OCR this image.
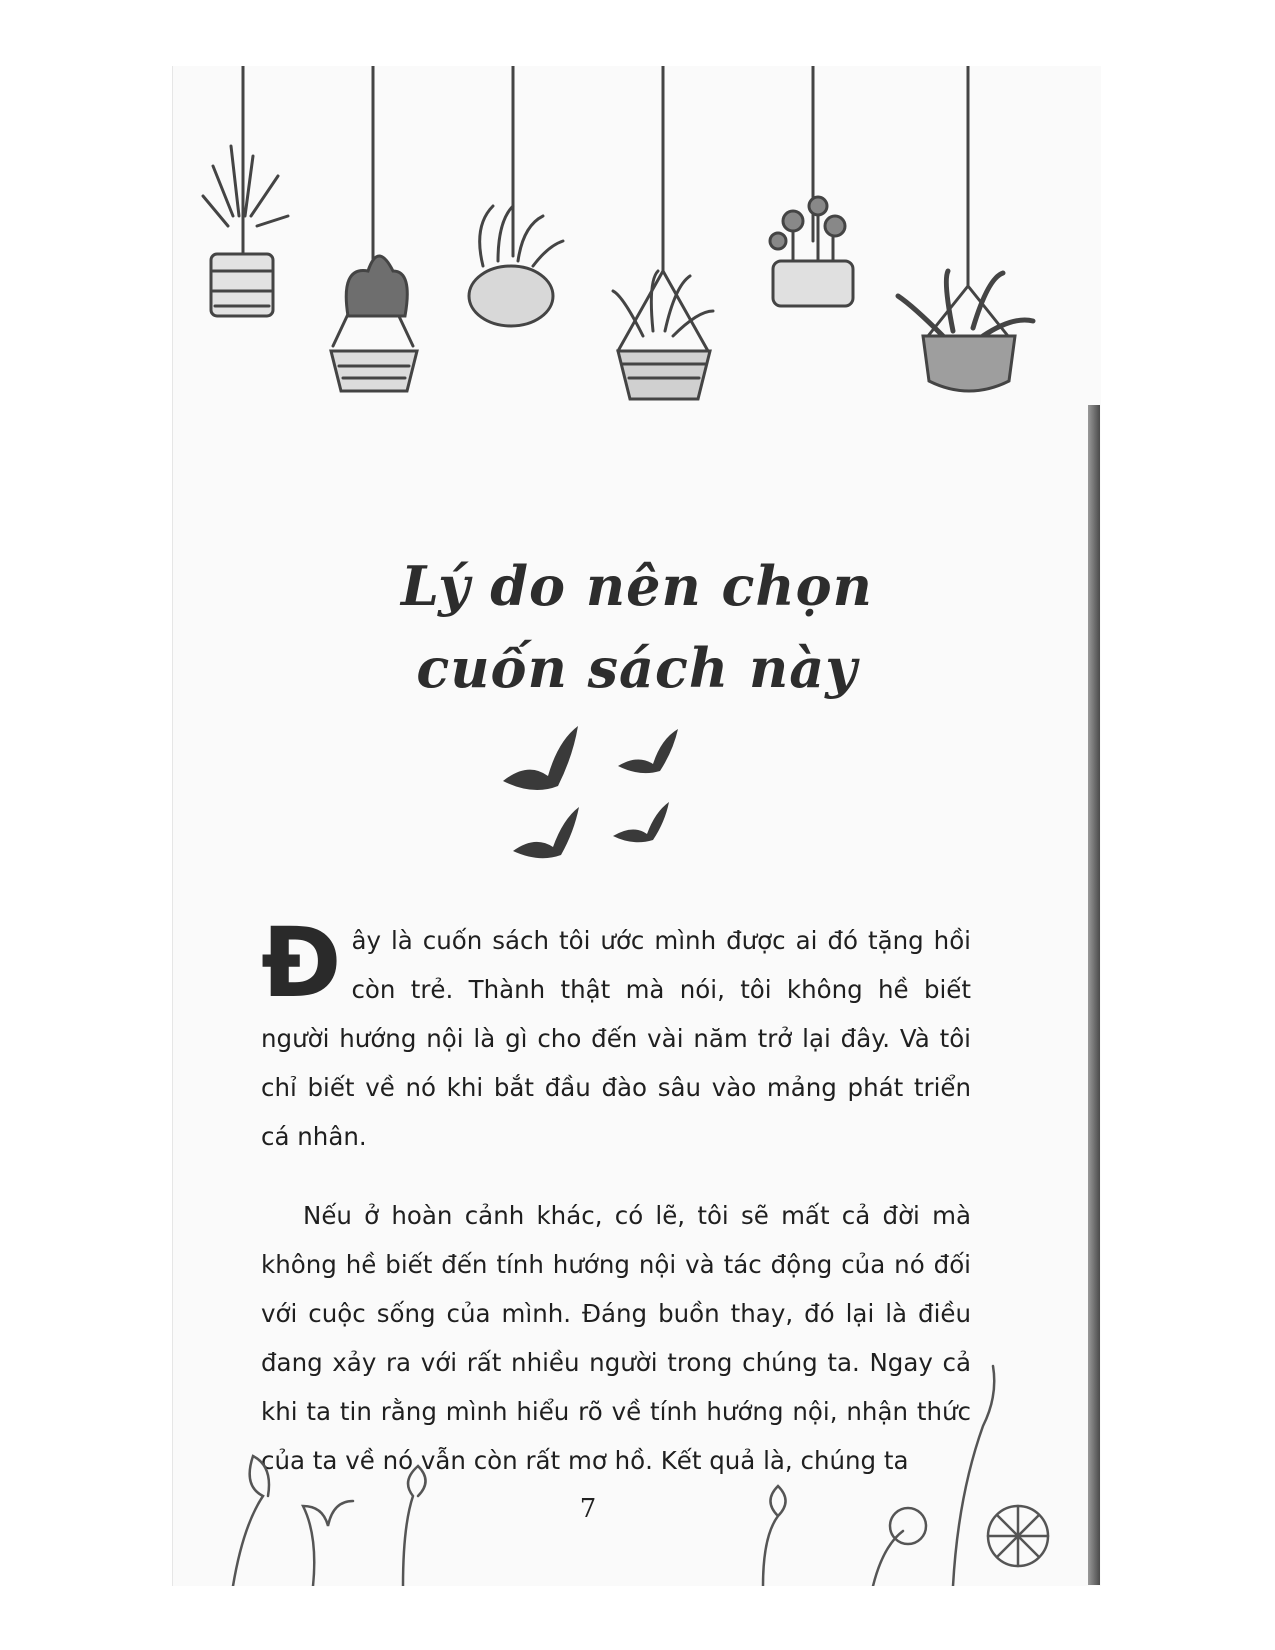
Lý do nên chọn
cuốn sách này

Đây là cuốn sách tôi ước mình được ai đó tặng hồi còn trẻ. Thành thật mà nói, tôi không hề biết người hướng nội là gì cho đến vài năm trở lại đây. Và tôi chỉ biết về nó khi bắt đầu đào sâu vào mảng phát triển cá nhân.

Nếu ở hoàn cảnh khác, có lẽ, tôi sẽ mất cả đời mà không hề biết đến tính hướng nội và tác động của nó đối với cuộc sống của mình. Đáng buồn thay, đó lại là điều đang xảy ra với rất nhiều người trong chúng ta. Ngay cả khi ta tin rằng mình hiểu rõ về tính hướng nội, nhận thức của ta về nó vẫn còn rất mơ hồ. Kết quả là, chúng ta

7
